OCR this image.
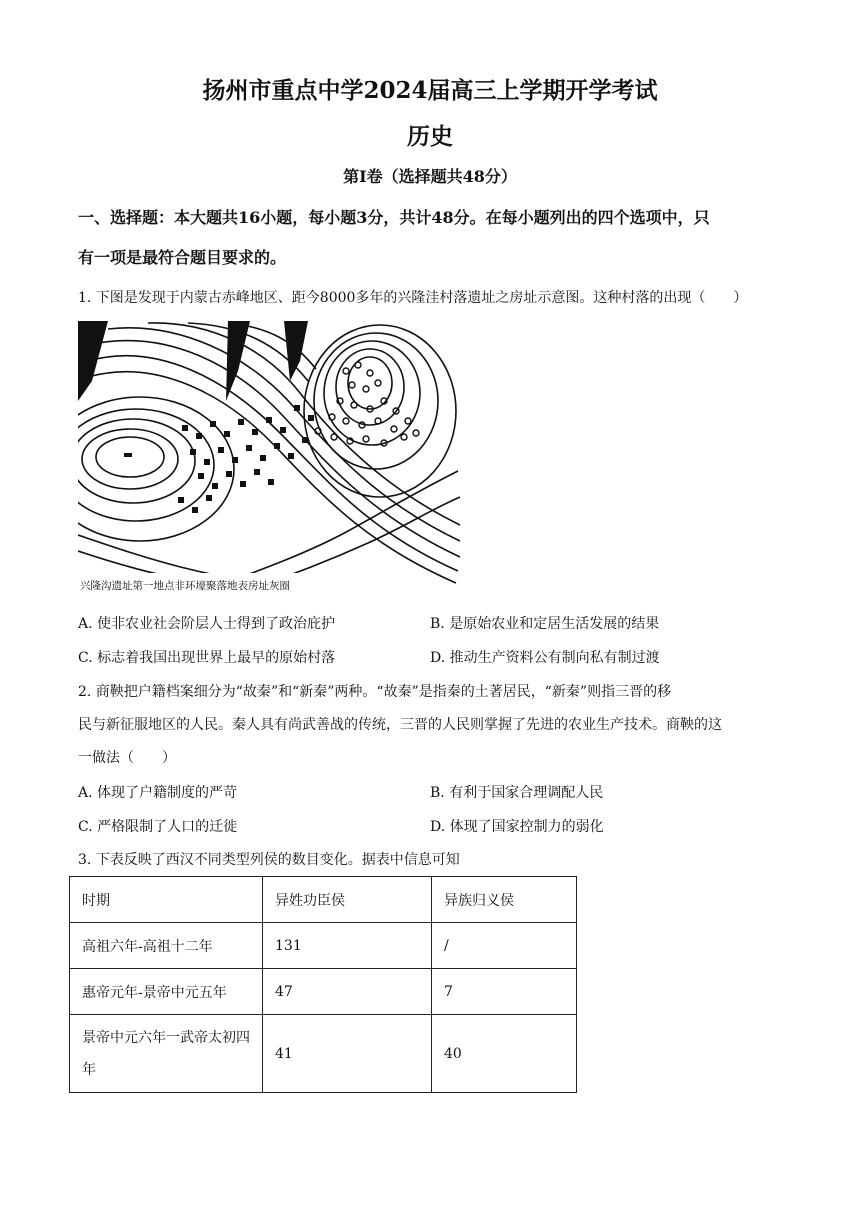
扬州市重点中学2024届高三上学期开学考试
历史
第Ⅰ卷（选择题共48分）
一、选择题：本大题共16小题，每小题3分，共计48分。在每小题列出的四个选项中，只
有一项是最符合题目要求的。
1. 下图是发现于内蒙古赤峰地区、距今8000多年的兴隆洼村落遗址之房址示意图。这种村落的出现（　　）
兴隆沟遗址第一地点非环壕聚落地表房址灰圈
A. 使非农业社会阶层人士得到了政治庇护	B. 是原始农业和定居生活发展的结果
C. 标志着我国出现世界上最早的原始村落	D. 推动生产资料公有制向私有制过渡
2. 商鞅把户籍档案细分为“故秦”和“新秦”两种。“故秦”是指秦的土著居民，“新秦”则指三晋的移
民与新征服地区的人民。秦人具有尚武善战的传统，三晋的人民则掌握了先进的农业生产技术。商鞅的这
一做法（　　）
A. 体现了户籍制度的严苛	B. 有利于国家合理调配人民
C. 严格限制了人口的迁徙	D. 体现了国家控制力的弱化
3. 下表反映了西汉不同类型列侯的数目变化。据表中信息可知
时期	异姓功臣侯	异族归义侯
高祖六年-高祖十二年	131	/
惠帝元年-景帝中元五年	47	7
景帝中元六年一武帝太初四年	41	40
